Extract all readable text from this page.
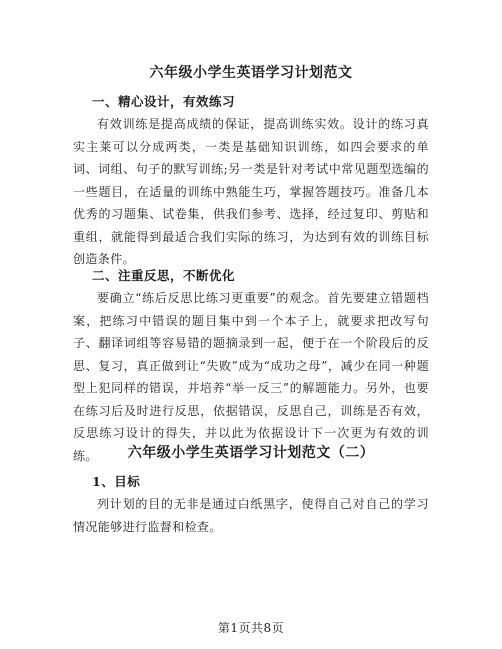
六年级小学生英语学习计划范文
一、精心设计，有效练习
有效训练是提高成绩的保证，提高训练实效。设计的练习真实主莱可以分成两类，一类是基础知识训练，如四会要求的单词、词组、句子的默写训练;另一类是针对考试中常见题型选编的一些题目，在适量的训练中熟能生巧，掌握答题技巧。准备几本优秀的习题集、试卷集，供我们参考、选择，经过复印、剪贴和重组，就能得到最适合我们实际的练习，为达到有效的训练目标创造条件。
二、注重反思，不断优化
要确立“练后反思比练习更重要”的观念。首先要建立错题档案，把练习中错误的题目集中到一个本子上，就要求把改写句子、翻译词组等容易错的题摘录到一起，便于在一个阶段后的反思、复习，真正做到让“失败”成为“成功之母”，减少在同一种题型上犯同样的错误，并培养“举一反三”的解题能力。另外，也要在练习后及时进行反思，依据错误，反思自己，训练是否有效，反思练习设计的得失，并以此为依据设计下一次更为有效的训练。	六年级小学生英语学习计划范文（二）
1、目标
列计划的目的无非是通过白纸黑字，使得自己对自己的学习情况能够进行监督和检查。
第1页共8页
